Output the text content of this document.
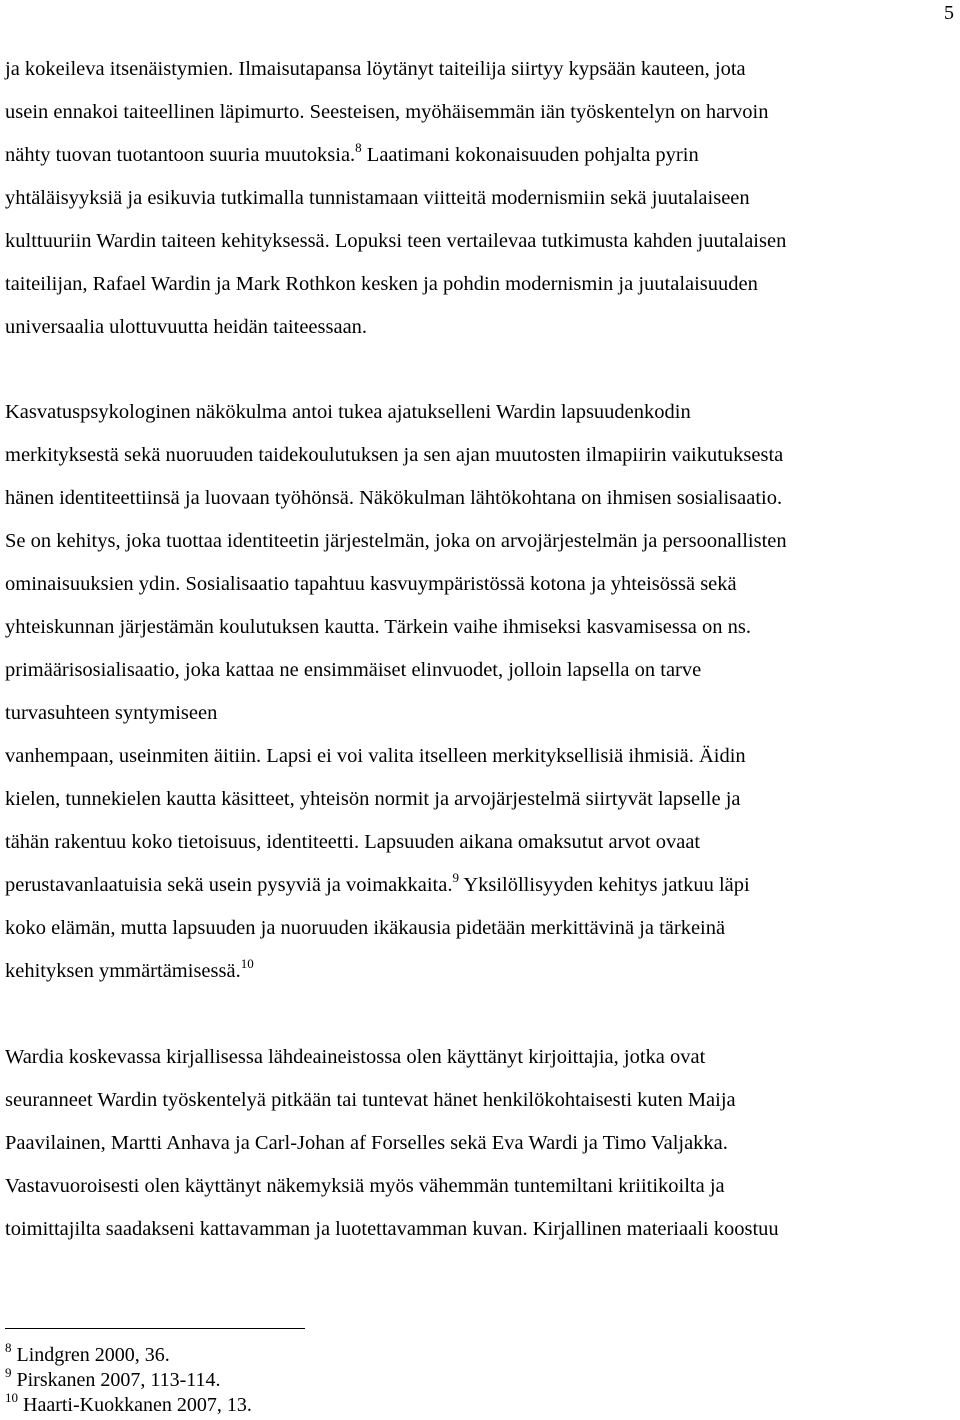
5
ja kokeileva itsenäistymien. Ilmaisutapansa löytänyt taiteilija siirtyy kypsään kauteen, jota
usein ennakoi taiteellinen läpimurto. Seesteisen, myöhäisemmän iän työskentelyn on harvoin
nähty tuovan tuotantoon suuria muutoksia.$^8$ Laatimani kokonaisuuden pohjalta pyrin
yhtäläisyyksiä ja esikuvia tutkimalla tunnistamaan viitteitä modernismiin sekä juutalaiseen
kulttuuriin Wardin taiteen kehityksessä. Lopuksi teen vertailevaa tutkimusta kahden juutalaisen
taiteilijan, Rafael Wardin ja Mark Rothkon kesken ja pohdin modernismin ja juutalaisuuden
universaalia ulottuvuutta heidän taiteessaan.
Kasvatuspsykologinen näkökulma antoi tukea ajatukselleni Wardin lapsuudenkodin
merkityksestä sekä nuoruuden taidekoulutuksen ja sen ajan muutosten ilmapiirin vaikutuksesta
hänen identiteettiinsä ja luovaan työhönsä. Näkökulman lähtökohtana on ihmisen sosialisaatio.
Se on kehitys, joka tuottaa identiteetin järjestelmän, joka on arvojärjestelmän ja persoonallisten
ominaisuuksien ydin. Sosialisaatio tapahtuu kasvuympäristössä kotona ja yhteisössä sekä
yhteiskunnan järjestämän koulutuksen kautta. Tärkein vaihe ihmiseksi kasvamisessa on ns.
primäärisosialisaatio, joka kattaa ne ensimmäiset elinvuodet, jolloin lapsella on tarve
turvasuhteen syntymiseen
vanhempaan, useinmiten äitiin. Lapsi ei voi valita itselleen merkityksellisiä ihmisiä. Äidin
kielen, tunnekielen kautta käsitteet, yhteisön normit ja arvojärjestelmä siirtyvät lapselle ja
tähän rakentuu koko tietoisuus, identiteetti. Lapsuuden aikana omaksutut arvot ovaat
perustavanlaatuisia sekä usein pysyviä ja voimakkaita.$^9$ Yksilöllisyyden kehitys jatkuu läpi
koko elämän, mutta lapsuuden ja nuoruuden ikäkausia pidetään merkittävinä ja tärkeinä
kehityksen ymmärtämisessä.$^{10}$
Wardia koskevassa kirjallisessa lähdeaineistossa olen käyttänyt kirjoittajia, jotka ovat
seuranneet Wardin työskentelyä pitkään tai tuntevat hänet henkilökohtaisesti kuten Maija
Paavilainen, Martti Anhava ja Carl-Johan af Forselles sekä Eva Wardi ja Timo Valjakka.
Vastavuoroisesti olen käyttänyt näkemyksiä myös vähemmän tuntemiltani kriitikoilta ja
toimittajilta saadakseni kattavamman ja luotettavamman kuvan. Kirjallinen materiaali koostuu
$^8$ Lindgren 2000, 36.
$^9$ Pirskanen 2007, 113-114.
$^{10}$ Haarti-Kuokkanen 2007, 13.
